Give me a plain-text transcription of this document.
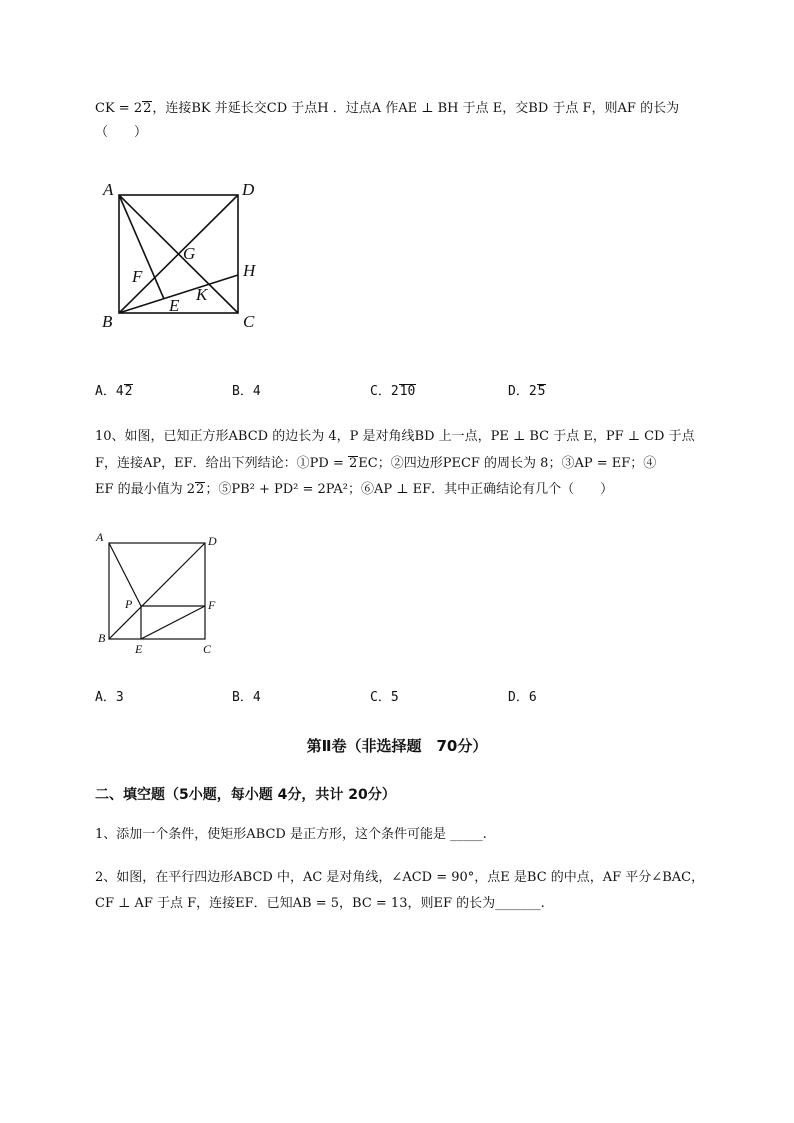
CK = 22，连接BK 并延长交CD 于点H ．过点A 作AE ⊥ BH 于点 E，交BD 于点 F，则AF 的长为
（　　）
A	D
G
F	H
K
E
B	C
A．42	B．4	C．210	D．25
10、如图，已知正方形ABCD 的边长为 4，P 是对角线BD 上一点，PE ⊥ BC 于点 E，PF ⊥ CD 于点
F，连接AP，EF．给出下列结论：①PD = 2EC；②四边形PECF 的周长为 8；③AP = EF；④
EF 的最小值为 22；⑤PB² + PD² = 2PA²；⑥AP ⊥ EF．其中正确结论有几个（　　）
A	D
P	F
B
E	C
A．3	B．4	C．5	D．6
第Ⅱ卷（非选择题　70分）
二、填空题（5小题，每小题 4分，共计 20分）
1、添加一个条件，使矩形ABCD 是正方形，这个条件可能是 _____.
2、如图，在平行四边形ABCD 中，AC 是对角线，∠ACD = 90°，点E 是BC 的中点，AF 平分∠BAC，
CF ⊥ AF 于点 F，连接EF．已知AB = 5，BC = 13，则EF 的长为_______.
